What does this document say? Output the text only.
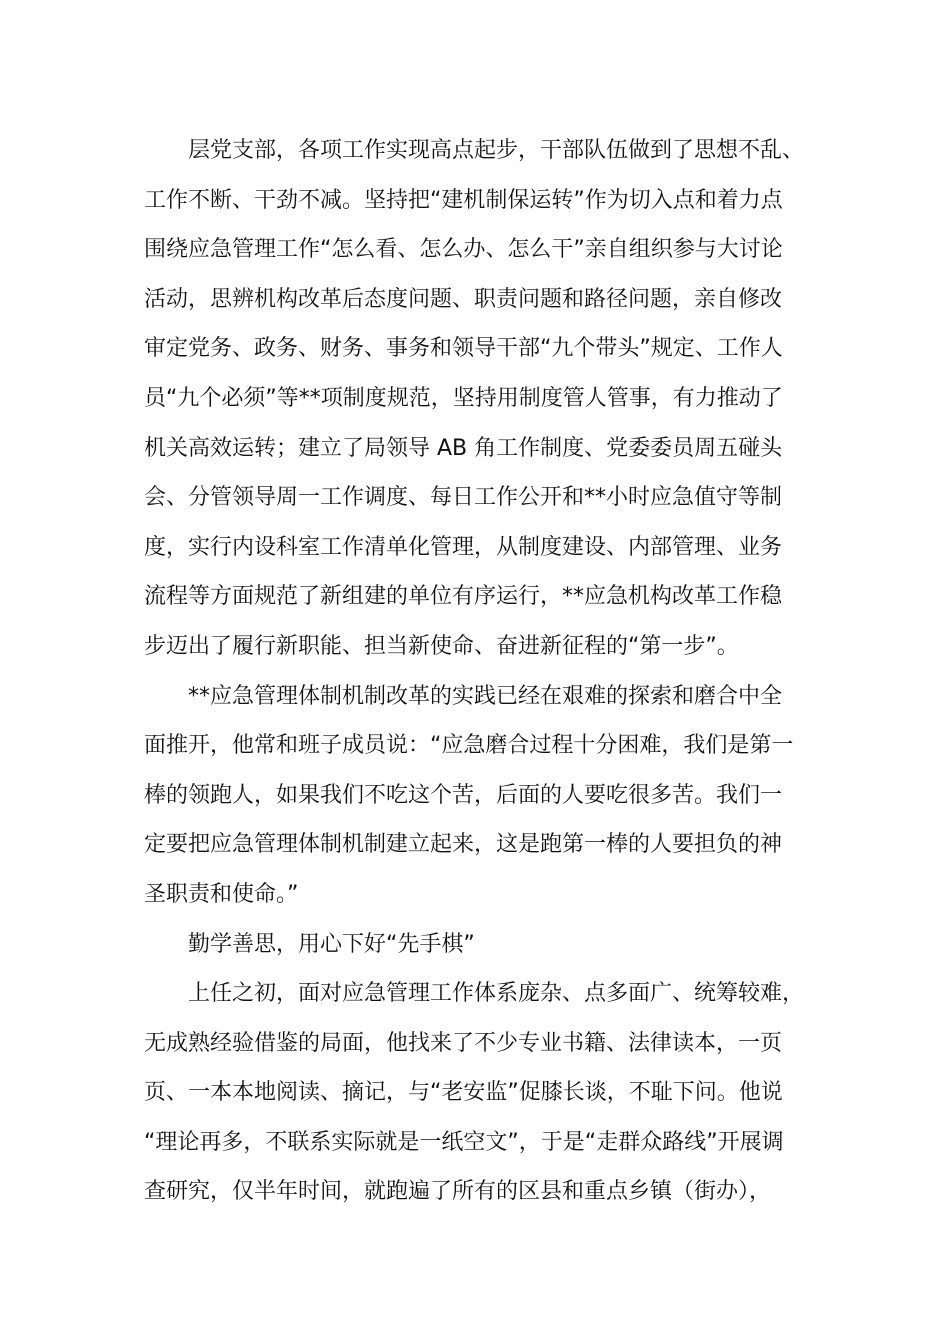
层党支部，各项工作实现高点起步，干部队伍做到了思想不乱、
工作不断、干劲不减。坚持把“建机制保运转”作为切入点和着力点
围绕应急管理工作“怎么看、怎么办、怎么干”亲自组织参与大讨论
活动，思辨机构改革后态度问题、职责问题和路径问题，亲自修改
审定党务、政务、财务、事务和领导干部“九个带头”规定、工作人
员“九个必须”等**项制度规范，坚持用制度管人管事，有力推动了
机关高效运转；建立了局领导 AB 角工作制度、党委委员周五碰头
会、分管领导周一工作调度、每日工作公开和**小时应急值守等制
度，实行内设科室工作清单化管理，从制度建设、内部管理、业务
流程等方面规范了新组建的单位有序运行，**应急机构改革工作稳
步迈出了履行新职能、担当新使命、奋进新征程的“第一步”。
**应急管理体制机制改革的实践已经在艰难的探索和磨合中全
面推开，他常和班子成员说：“应急磨合过程十分困难，我们是第一
棒的领跑人，如果我们不吃这个苦，后面的人要吃很多苦。我们一
定要把应急管理体制机制建立起来，这是跑第一棒的人要担负的神
圣职责和使命。”
勤学善思，用心下好“先手棋”
上任之初，面对应急管理工作体系庞杂、点多面广、统筹较难，
无成熟经验借鉴的局面，他找来了不少专业书籍、法律读本，一页
页、一本本地阅读、摘记，与“老安监”促膝长谈，不耻下问。他说
“理论再多，不联系实际就是一纸空文”，于是“走群众路线”开展调
查研究，仅半年时间，就跑遍了所有的区县和重点乡镇（街办），
